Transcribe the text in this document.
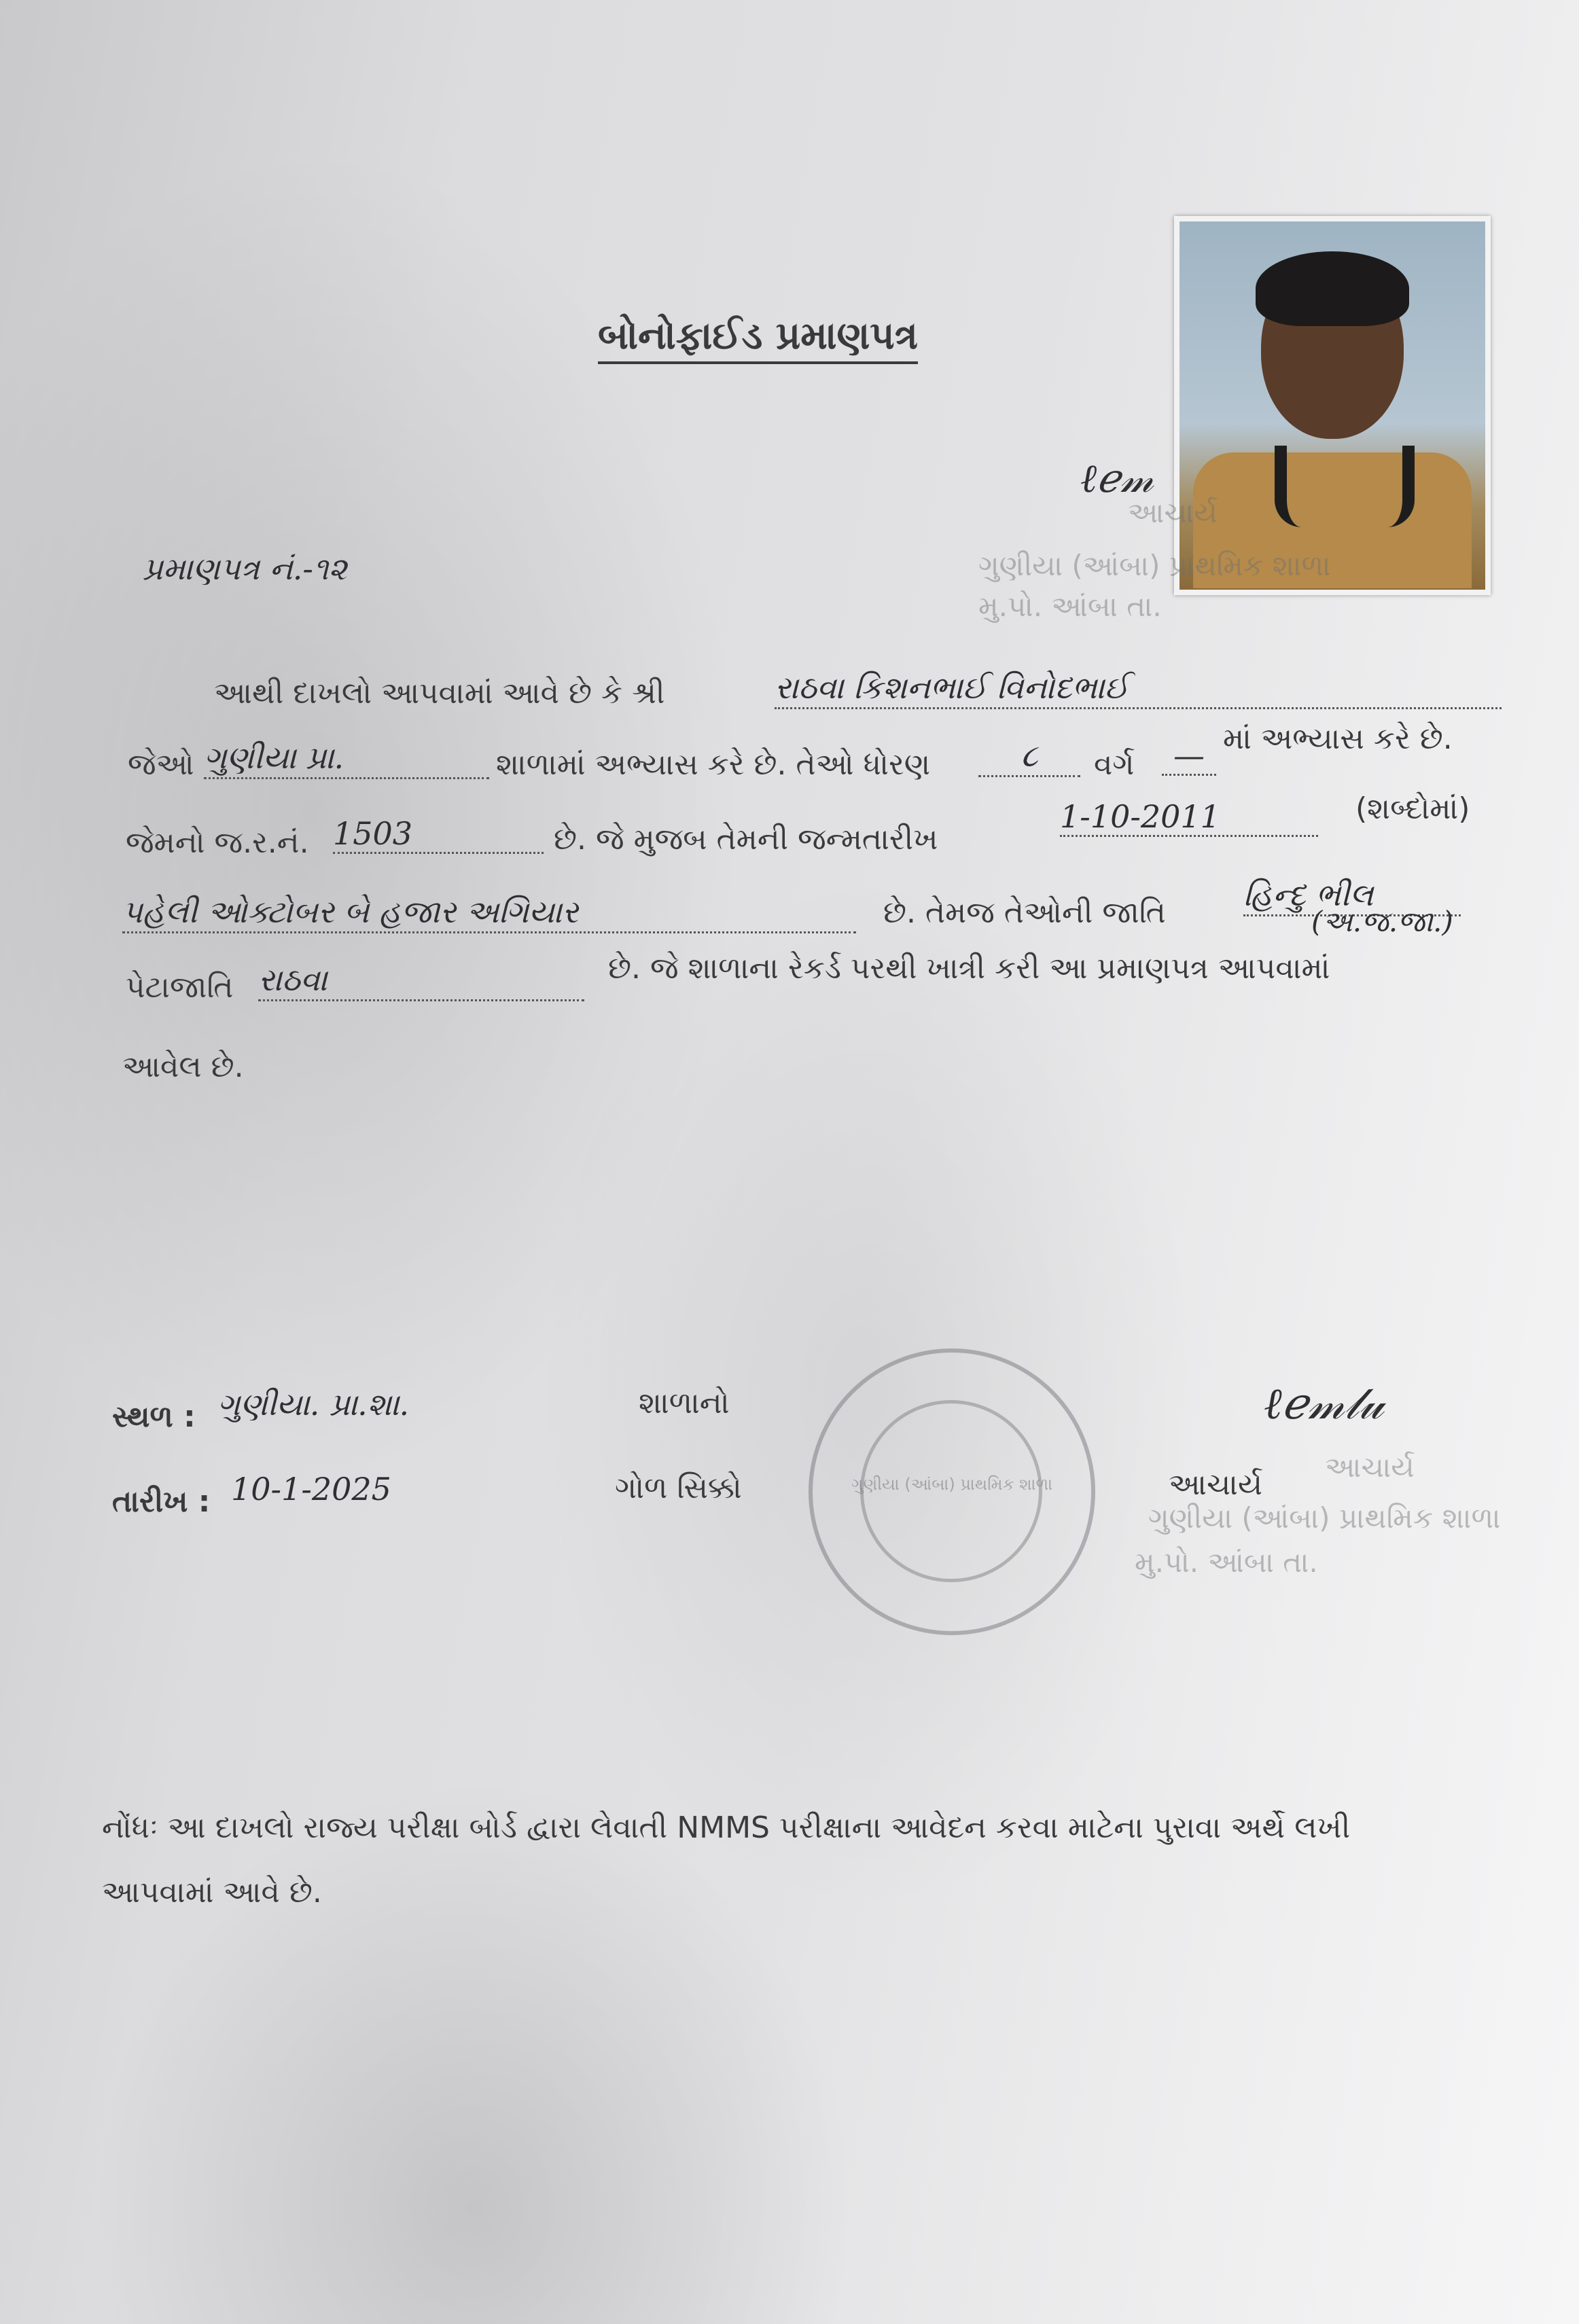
આચાર્ય
ગુણીયા (આંબા) પ્રાથમિક શાળા
મુ.પો. આંબા તા.
ℓℯ𝓂
બોનોફાઈડ પ્રમાણપત્ર
પ્રમાણપત્ર નં.-૧૨
આથી દાખલો આપવામાં આવે છે કે શ્રી	રાઠવા કિશનભાઈ વિનોદભાઈ
જેઓ ગુણીયા પ્રા.	શાળામાં અભ્યાસ કરે છે. તેઓ ધોરણ	૮	વર્ગ	— માં અભ્યાસ કરે છે.
જેમનો જ.ર.નં. 1503	છે. જે મુજબ તેમની જન્મતારીખ
1-10-2011	(શબ્દોમાં)
પહેલી ઓક્ટોબર બે હજાર અગિયાર	છે. તેમજ તેઓની જાતિ હિન્દુ ભીલ
(અ.જ.જા.)
પેટાજાતિ રાઠવા	છે. જે શાળાના રેકર્ડ પરથી ખાત્રી કરી આ પ્રમાણપત્ર આપવામાં
આવેલ છે.
સ્થળ : ગુણીયા. પ્રા.શા.	શાળાનો
તારીખ : 10-1-2025	ગોળ સિક્કો	ગુણીયા (આંબા) પ્રાથમિક શાળા
ℓℯ𝓂𝓁𝓊
આચાર્ય
આચાર્ય
ગુણીયા (આંબા) પ્રાથમિક શાળા
મુ.પો. આંબા તા.
નોંધઃ આ દાખલો રાજ્ય પરીક્ષા બોર્ડ દ્વારા લેવાતી NMMS પરીક્ષાના આવેદન કરવા માટેના પુરાવા અર્થે લખી
આપવામાં આવે છે.
